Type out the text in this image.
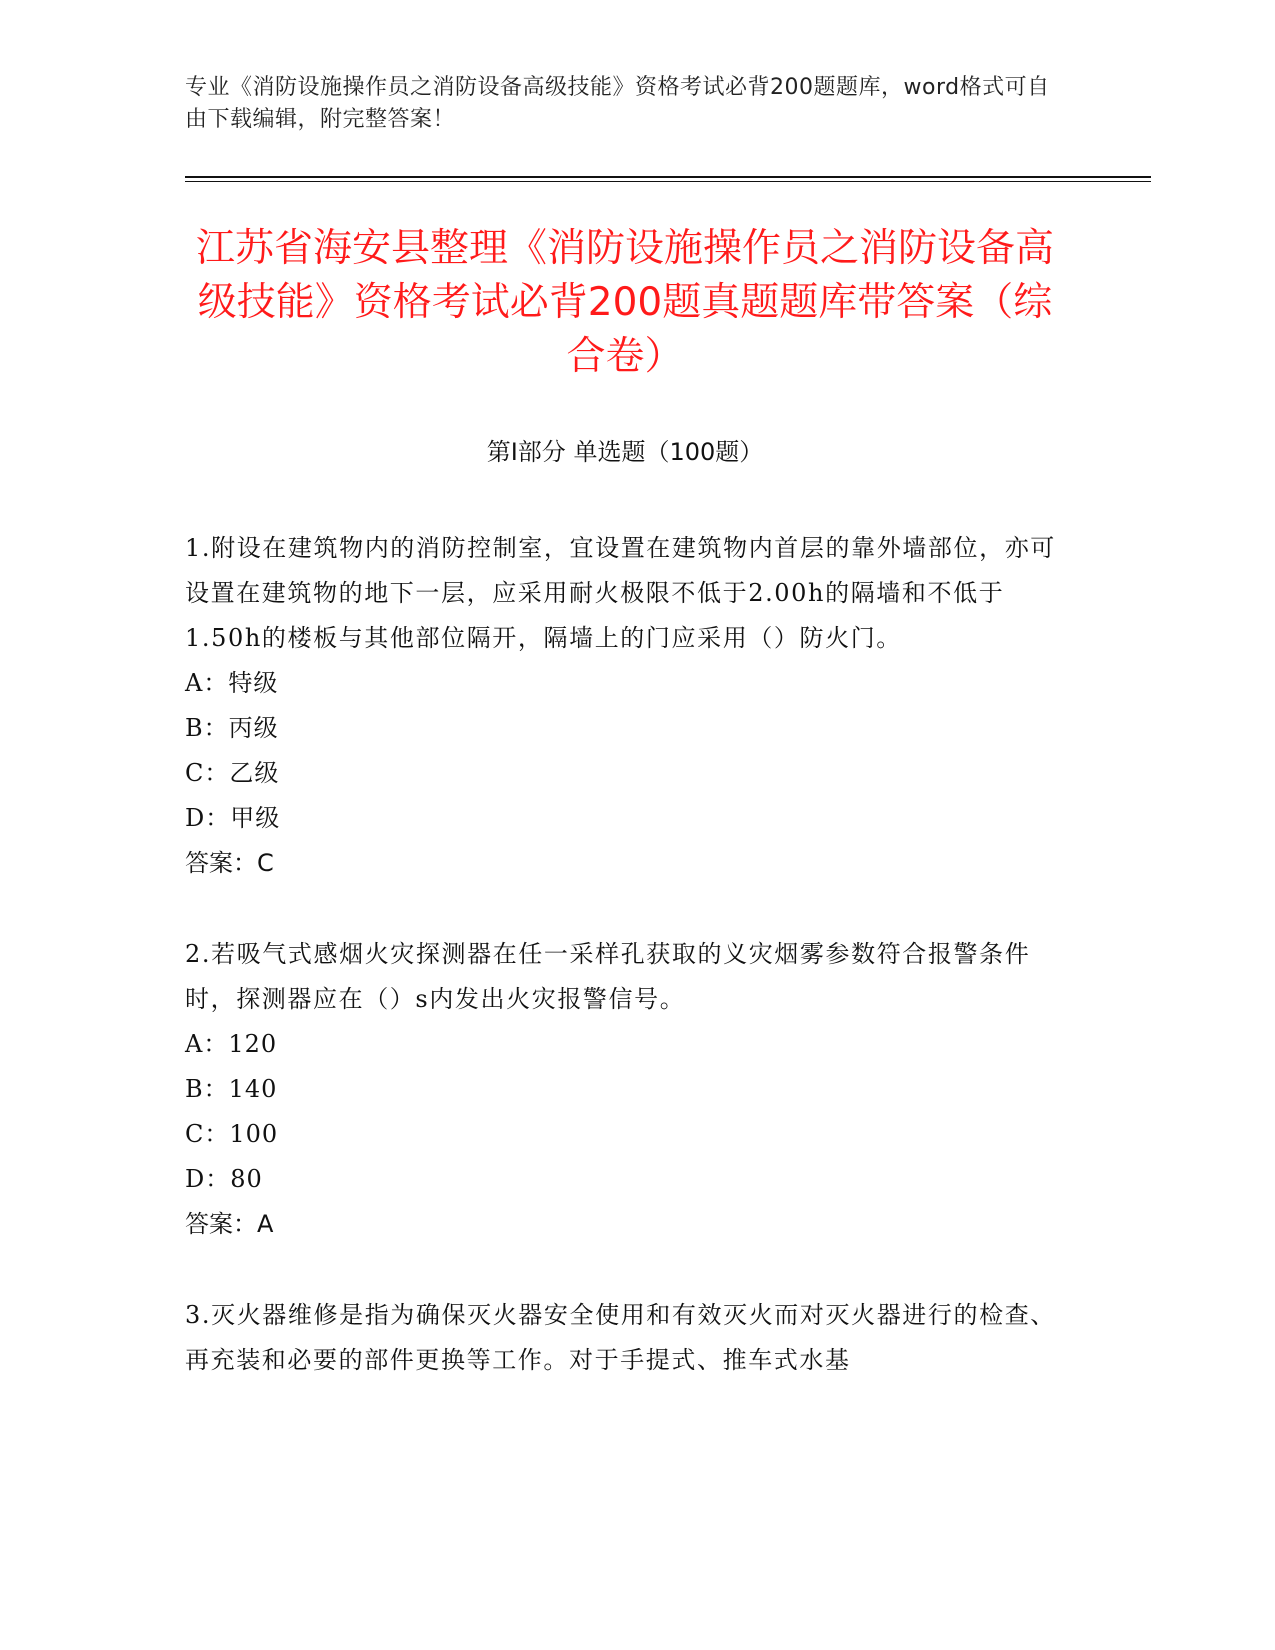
专业《消防设施操作员之消防设备高级技能》资格考试必背200题题库，word格式可自由下载编辑，附完整答案！
江苏省海安县整理《消防设施操作员之消防设备高级技能》资格考试必背200题真题题库带答案（综合卷）
第Ⅰ部分 单选题（100题）

1.附设在建筑物内的消防控制室，宜设置在建筑物内首层的靠外墙部位，亦可设置在建筑物的地下一层，应采用耐火极限不低于2.00h的隔墙和不低于1.50h的楼板与其他部位隔开，隔墙上的门应采用（）防火门。

A：特级

B：丙级

C：乙级

D：甲级

答案：C

2.若吸气式感烟火灾探测器在任一采样孔获取的义灾烟雾参数符合报警条件时，探测器应在（）s内发出火灾报警信号。

A：120

B：140

C：100

D：80

答案：A

3.灭火器维修是指为确保灭火器安全使用和有效灭火而对灭火器进行的检查、再充装和必要的部件更换等工作。对于手提式、推车式水基
